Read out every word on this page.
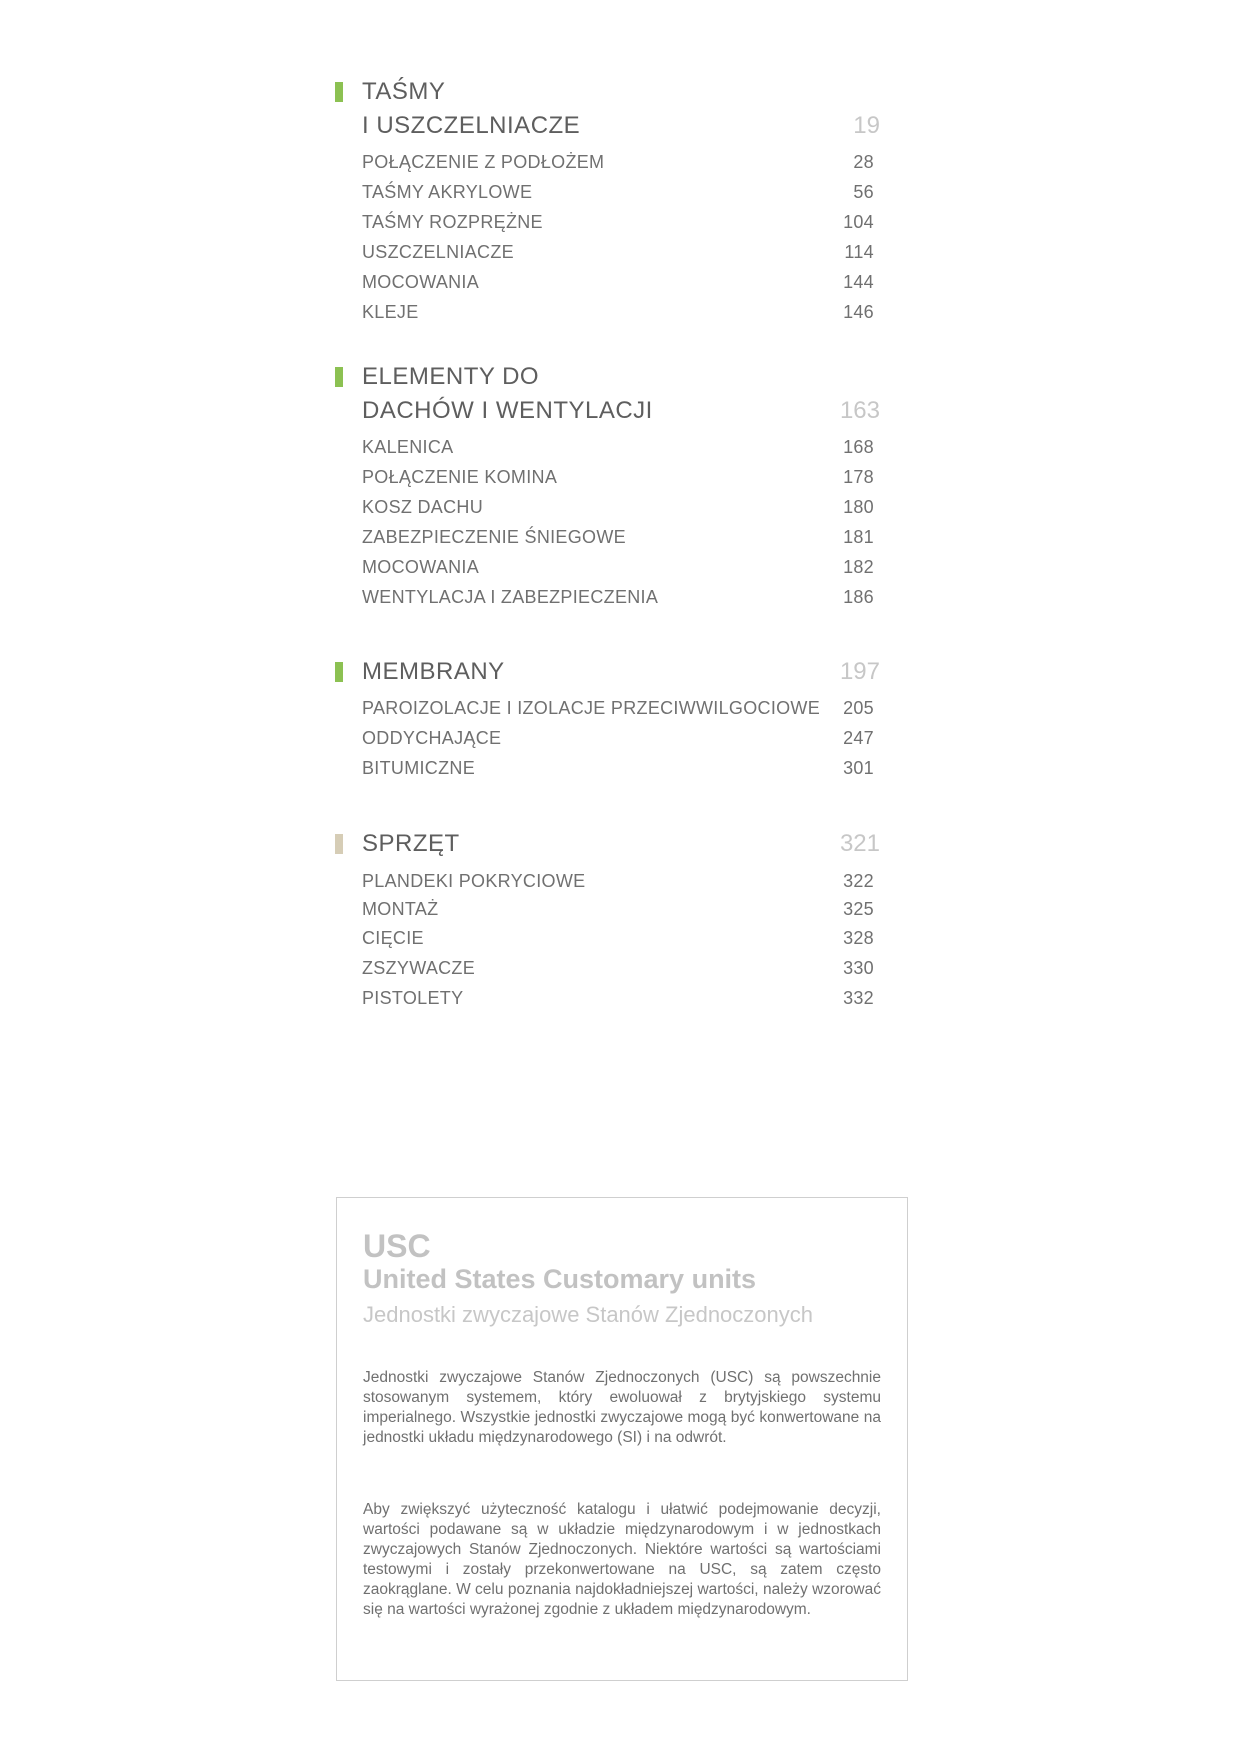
TAŚMY
I USZCZELNIACZE	19
POŁĄCZENIE Z PODŁOŻEM	28
TAŚMY AKRYLOWE	56
TAŚMY ROZPRĘŻNE	104
USZCZELNIACZE	114
MOCOWANIA	144
KLEJE	146
ELEMENTY DO
DACHÓW I WENTYLACJI	163
KALENICA	168
POŁĄCZENIE KOMINA	178
KOSZ DACHU	180
ZABEZPIECZENIE ŚNIEGOWE	181
MOCOWANIA	182
WENTYLACJA I ZABEZPIECZENIA	186
MEMBRANY	197
PAROIZOLACJE I IZOLACJE PRZECIWWILGOCIOWE	205
ODDYCHAJĄCE	247
BITUMICZNE	301
SPRZĘT	321
PLANDEKI POKRYCIOWE	322
MONTAŻ	325
CIĘCIE	328
ZSZYWACZE	330
PISTOLETY	332
USC
United States Customary units
Jednostki zwyczajowe Stanów Zjednoczonych

Jednostki zwyczajowe Stanów Zjednoczonych (USC) są powszechnie stosowanym systemem, który ewoluował z brytyjskiego systemu imperialnego. Wszystkie jednostki zwyczajowe mogą być konwertowane na jednostki układu międzynarodowego (SI) i na odwrót.

Aby zwiększyć użyteczność katalogu i ułatwić podejmowanie decyzji, wartości podawane są w układzie międzynarodowym i w jednostkach zwyczajowych Stanów Zjednoczonych. Niektóre wartości są wartościami testowymi i zostały przekonwertowane na USC, są zatem często zaokrąglane. W celu poznania najdokładniejszej wartości, należy wzorować się na wartości wyrażonej zgodnie z układem międzynarodowym.
